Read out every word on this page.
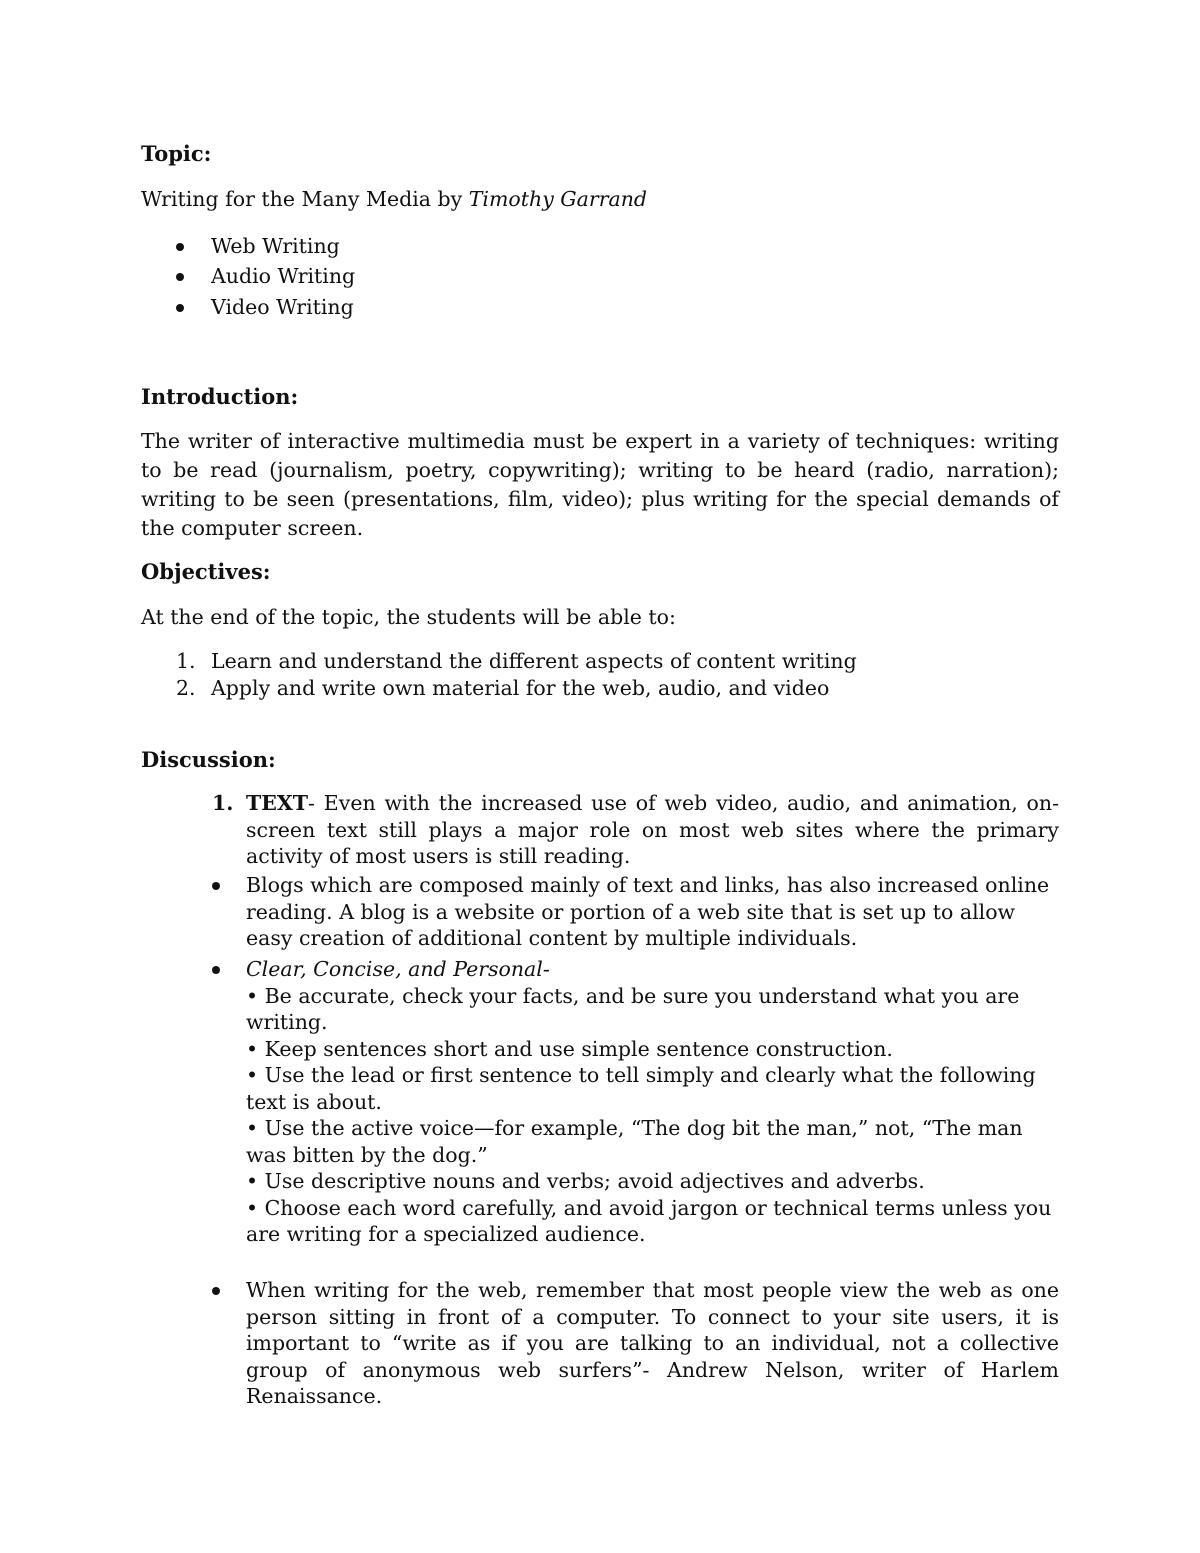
Topic:
Writing for the Many Media by Timothy Garrand
Web Writing
Audio Writing
Video Writing
Introduction:
The writer of interactive multimedia must be expert in a variety of techniques: writing to be read (journalism, poetry, copywriting); writing to be heard (radio, narration); writing to be seen (presentations, film, video); plus writing for the special demands of the computer screen.
Objectives:
At the end of the topic, the students will be able to:
1. Learn and understand the different aspects of content writing
2. Apply and write own material for the web, audio, and video
Discussion:
1. TEXT- Even with the increased use of web video, audio, and animation, on-screen text still plays a major role on most web sites where the primary activity of most users is still reading.
Blogs which are composed mainly of text and links, has also increased online reading. A blog is a website or portion of a web site that is set up to allow easy creation of additional content by multiple individuals.
Clear, Concise, and Personal-
• Be accurate, check your facts, and be sure you understand what you are writing.
• Keep sentences short and use simple sentence construction.
• Use the lead or first sentence to tell simply and clearly what the following text is about.
• Use the active voice—for example, “The dog bit the man,” not, “The man was bitten by the dog.”
• Use descriptive nouns and verbs; avoid adjectives and adverbs.
• Choose each word carefully, and avoid jargon or technical terms unless you are writing for a specialized audience.
When writing for the web, remember that most people view the web as one person sitting in front of a computer. To connect to your site users, it is important to “write as if you are talking to an individual, not a collective group of anonymous web surfers”- Andrew Nelson, writer of Harlem Renaissance.
